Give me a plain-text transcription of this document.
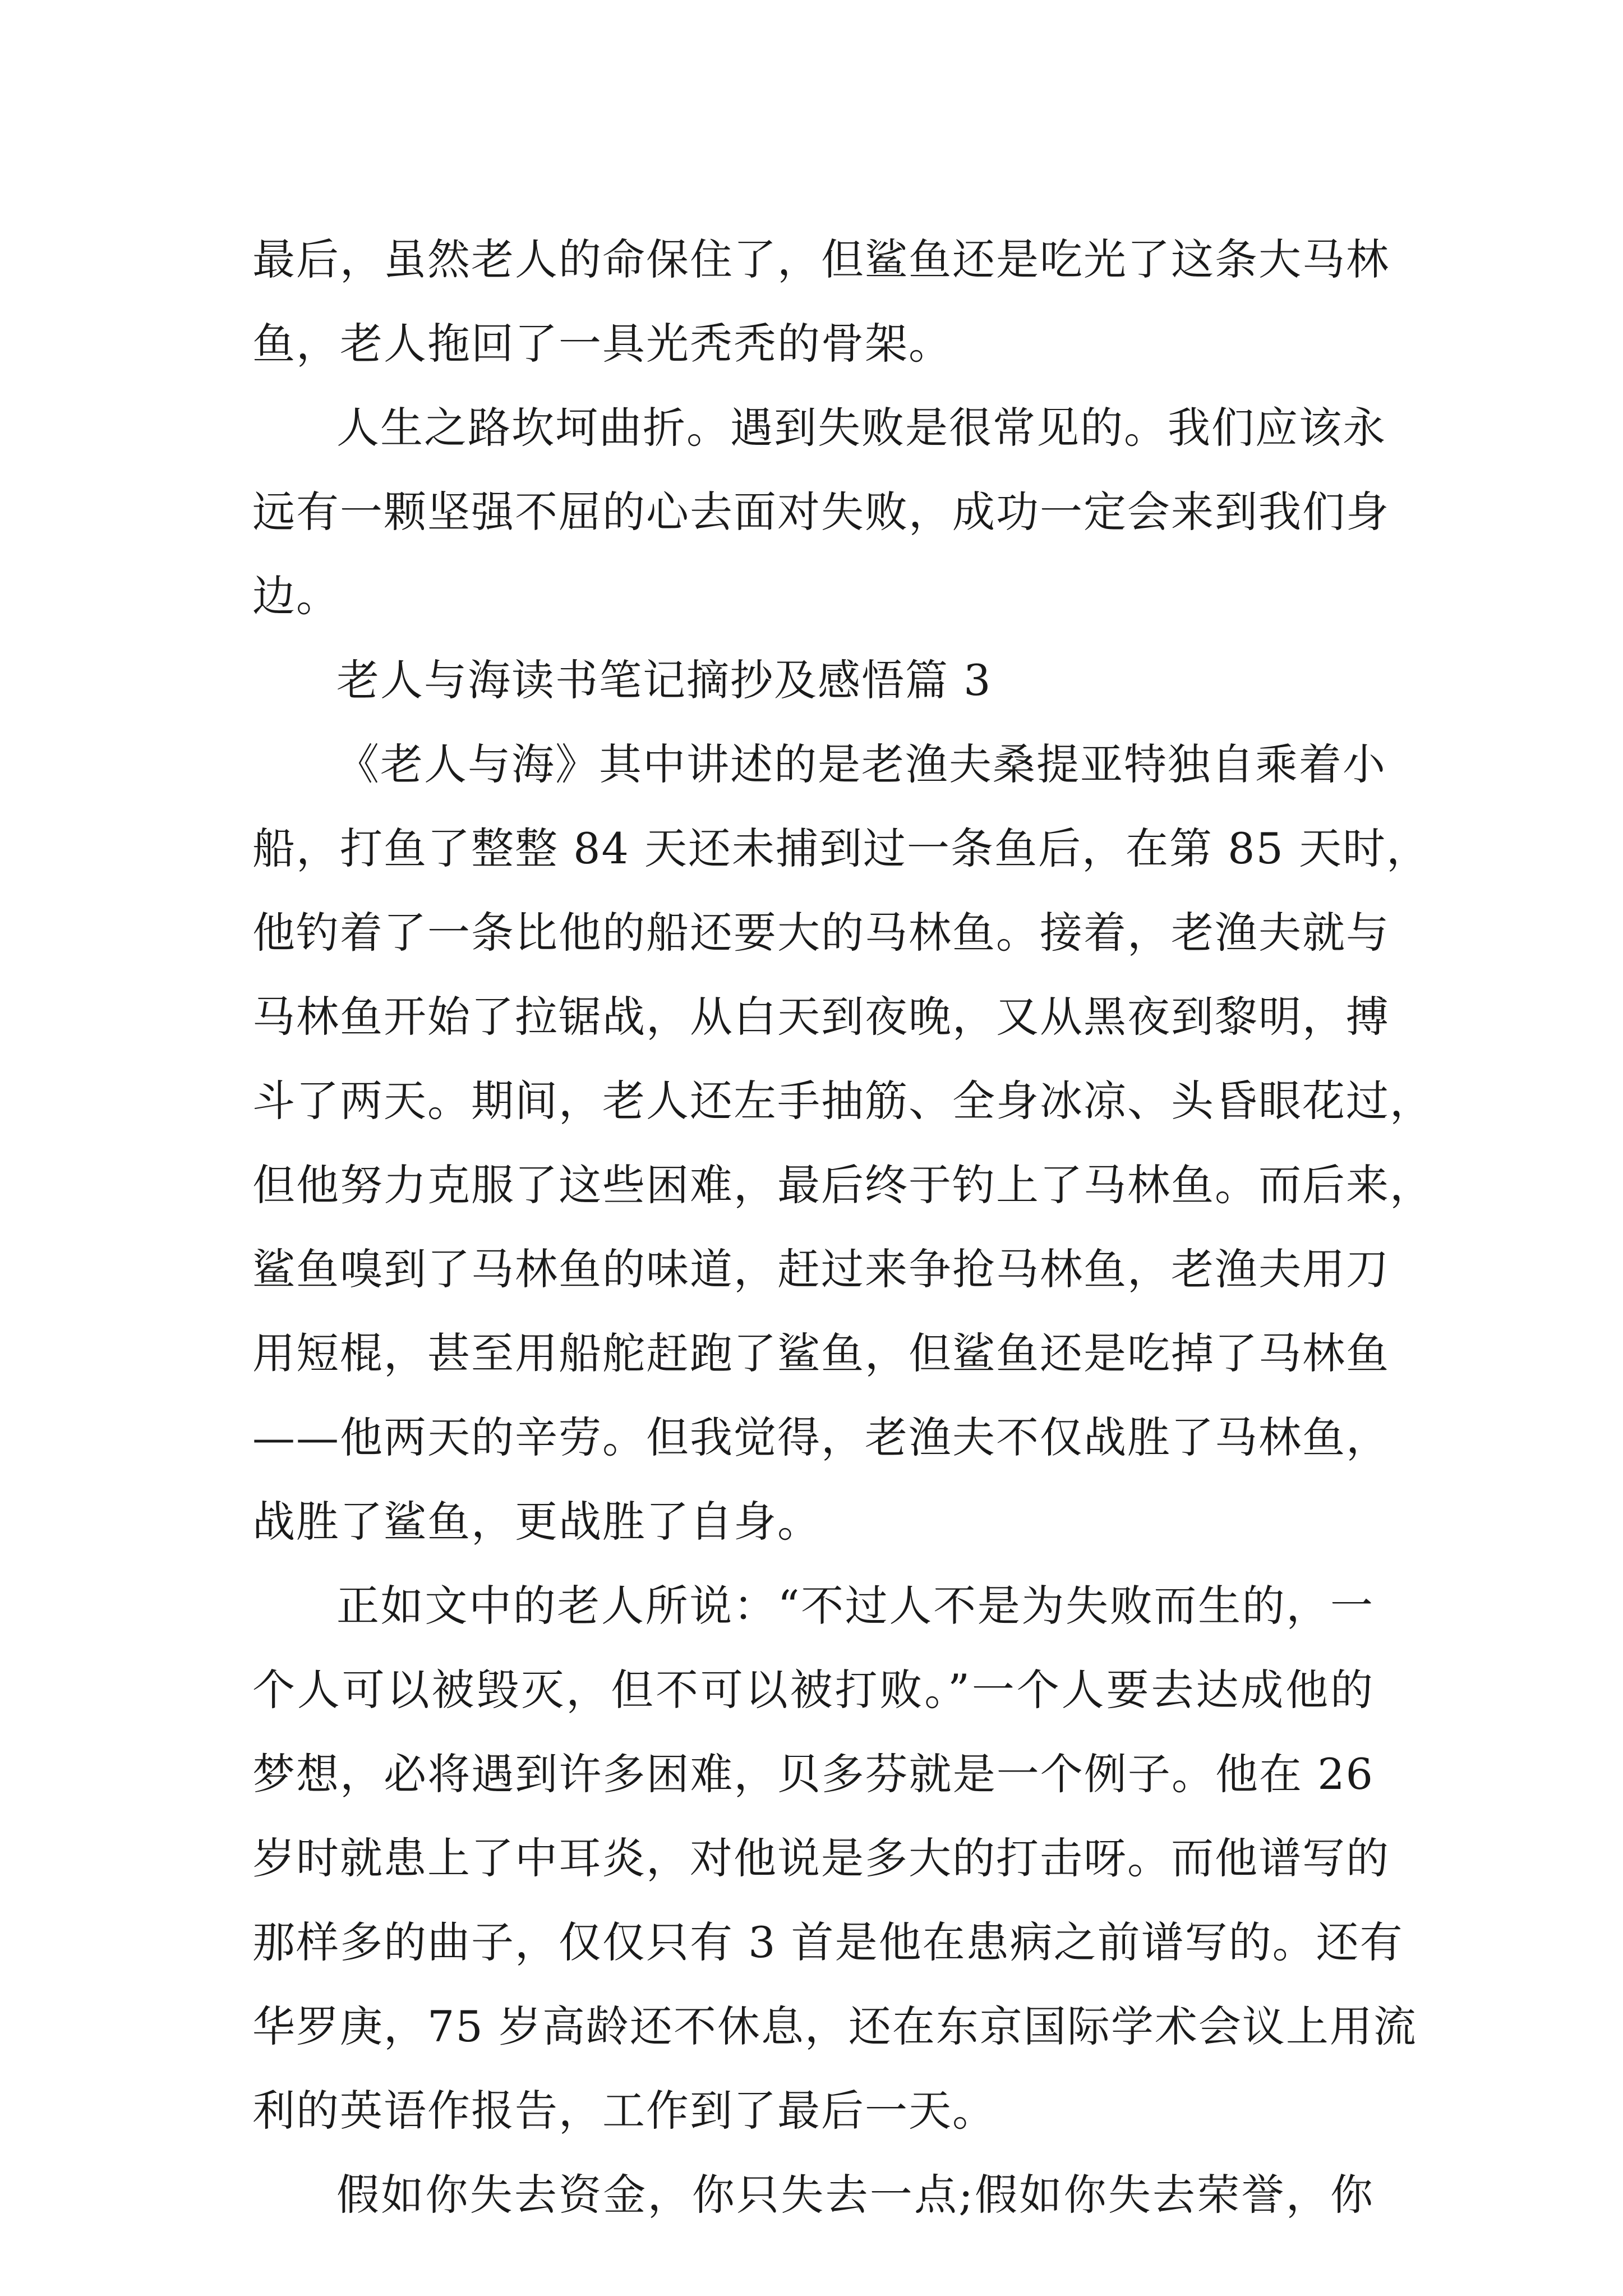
最后，虽然老人的命保住了，但鲨鱼还是吃光了这条大马林
鱼，老人拖回了一具光秃秃的骨架。
人生之路坎坷曲折。遇到失败是很常见的。我们应该永
远有一颗坚强不屈的心去面对失败，成功一定会来到我们身
边。
老人与海读书笔记摘抄及感悟篇 3
《老人与海》其中讲述的是老渔夫桑提亚特独自乘着小
船，打鱼了整整 84 天还未捕到过一条鱼后，在第 85 天时，
他钓着了一条比他的船还要大的马林鱼。接着，老渔夫就与
马林鱼开始了拉锯战，从白天到夜晚，又从黑夜到黎明，搏
斗了两天。期间，老人还左手抽筋、全身冰凉、头昏眼花过，
但他努力克服了这些困难，最后终于钓上了马林鱼。而后来，
鲨鱼嗅到了马林鱼的味道，赶过来争抢马林鱼，老渔夫用刀
用短棍，甚至用船舵赶跑了鲨鱼，但鲨鱼还是吃掉了马林鱼
——他两天的辛劳。但我觉得，老渔夫不仅战胜了马林鱼，
战胜了鲨鱼，更战胜了自身。
正如文中的老人所说：“不过人不是为失败而生的，一
个人可以被毁灭，但不可以被打败。”一个人要去达成他的
梦想，必将遇到许多困难，贝多芬就是一个例子。他在 26
岁时就患上了中耳炎，对他说是多大的打击呀。而他谱写的
那样多的曲子，仅仅只有 3 首是他在患病之前谱写的。还有
华罗庚，75 岁高龄还不休息，还在东京国际学术会议上用流
利的英语作报告，工作到了最后一天。
假如你失去资金，你只失去一点;假如你失去荣誉，你
